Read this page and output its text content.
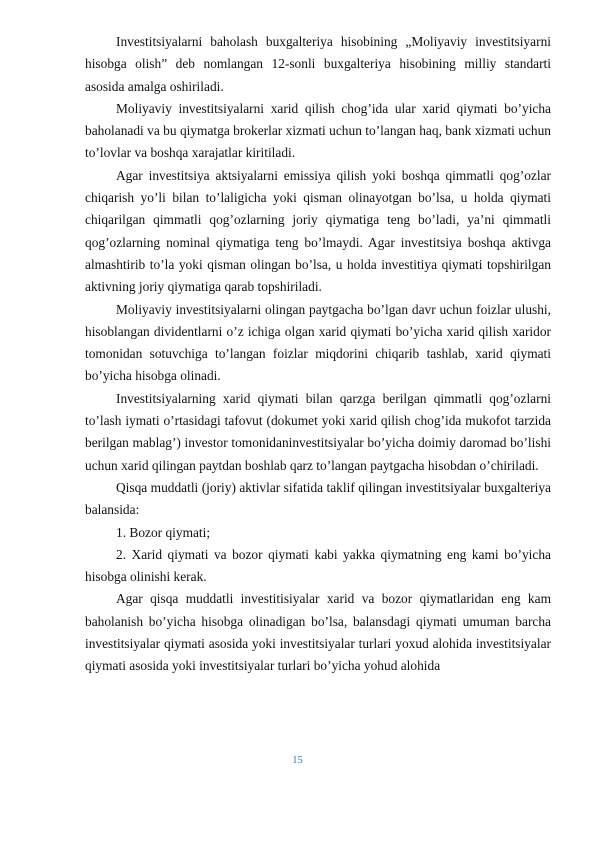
Investitsiyalarni baholash buxgalteriya hisobining „Moliyaviy investitsiyarni hisobga olish” deb nomlangan 12-sonli buxgalteriya hisobining milliy standarti asosida amalga oshiriladi.

Moliyaviy investitsiyalarni xarid qilish chog’ida ular xarid qiymati bo’yicha baholanadi va bu qiymatga brokerlar xizmati uchun to’langan haq, bank xizmati uchun to’lovlar va boshqa xarajatlar kiritiladi.

Agar investitsiya aktsiyalarni emissiya qilish yoki boshqa qimmatli qog’ozlar chiqarish yo’li bilan to’laligicha yoki qisman olinayotgan bo’lsa, u holda qiymati chiqarilgan qimmatli qog’ozlarning joriy qiymatiga teng bo’ladi, ya’ni qimmatli qog’ozlarning nominal qiymatiga teng bo’lmaydi. Agar investitsiya boshqa aktivga almashtirib to’la yoki qisman olingan bo’lsa, u holda investitiya qiymati topshirilgan aktivning joriy qiymatiga qarab topshiriladi.

Moliyaviy investitsiyalarni olingan paytgacha bo’lgan davr uchun foizlar ulushi, hisoblangan dividentlarni o’z ichiga olgan xarid qiymati bo’yicha xarid qilish xaridor tomonidan sotuvchiga to’langan foizlar miqdorini chiqarib tashlab, xarid qiymati bo’yicha hisobga olinadi.

Investitsiyalarning xarid qiymati bilan qarzga berilgan qimmatli qog’ozlarni to’lash iymati o’rtasidagi tafovut (dokumet yoki xarid qilish chog’ida mukofot tarzida berilgan mablag’) investor tomonidaninvestitsiyalar bo’yicha doimiy daromad bo’lishi uchun xarid qilingan paytdan boshlab qarz to’langan paytgacha hisobdan o’chiriladi.

Qisqa muddatli (joriy) aktivlar sifatida taklif qilingan investitsiyalar buxgalteriya balansida:

1. Bozor qiymati;

2. Xarid qiymati va bozor qiymati kabi yakka qiymatning eng kami bo’yicha hisobga olinishi kerak.

Agar qisqa muddatli investitisiyalar xarid va bozor qiymatlaridan eng kam baholanish bo’yicha hisobga olinadigan bo’lsa, balansdagi qiymati umuman barcha investitsiyalar qiymati asosida yoki investitsiyalar turlari yoxud alohida investitsiyalar qiymati asosida yoki investitsiyalar turlari bo’yicha yohud alohida

15
